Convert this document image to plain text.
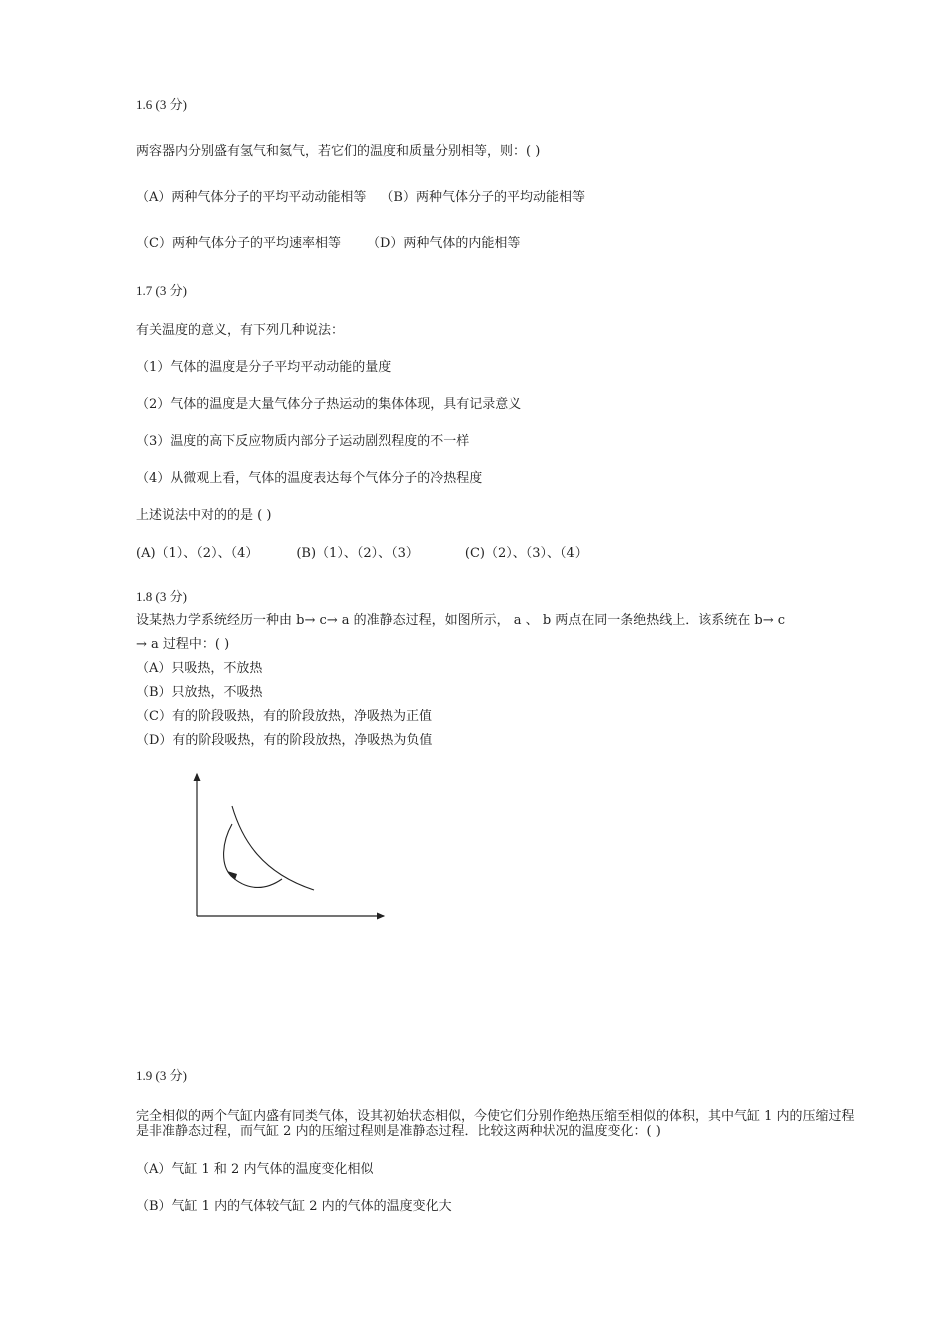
1.6 (3 分)
两容器内分别盛有氢气和氦气，若它们的温度和质量分别相等，则：( )
（A）两种气体分子的平均平动动能相等 （B）两种气体分子的平均动能相等
（C）两种气体分子的平均速率相等 （D）两种气体的内能相等
1.7 (3 分)
有关温度的意义，有下列几种说法：
（1）气体的温度是分子平均平动动能的量度
（2）气体的温度是大量气体分子热运动的集体体现，具有记录意义
（3）温度的高下反应物质内部分子运动剧烈程度的不一样
（4）从微观上看，气体的温度表达每个气体分子的冷热程度
上述说法中对的的是 ( )
(A)（1）、（2）、（4）	(B)（1）、（2）、（3）	(C)（2）、（3）、（4）
1.8 (3 分)
设某热力学系统经历一种由 b→ c→ a 的准静态过程，如图所示， a 、 b 两点在同一条绝热线上．该系统在 b→ c
→ a 过程中：( )
（A）只吸热，不放热
（B）只放热，不吸热
（C）有的阶段吸热，有的阶段放热，净吸热为正值
（D）有的阶段吸热，有的阶段放热，净吸热为负值
1.9 (3 分)
完全相似的两个气缸内盛有同类气体，设其初始状态相似，今使它们分别作绝热压缩至相似的体积，其中气缸 1 内的压缩过程是非准静态过程，而气缸 2 内的压缩过程则是准静态过程．比较这两种状况的温度变化：( )
（A）气缸 1 和 2 内气体的温度变化相似
（B）气缸 1 内的气体较气缸 2 内的气体的温度变化大
